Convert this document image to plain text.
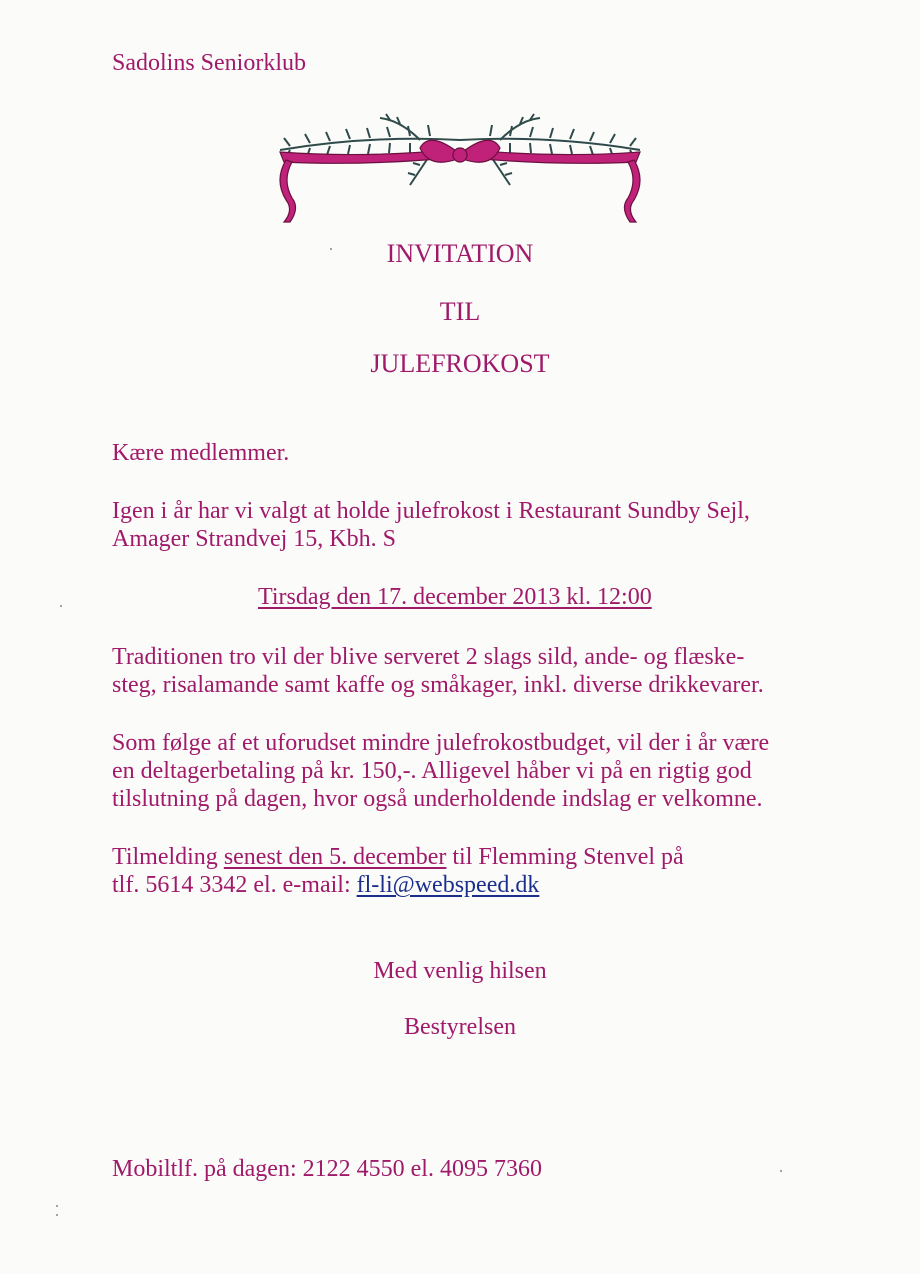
Sadolins Seniorklub
INVITATION
TIL
JULEFROKOST
Kære medlemmer.
Igen i år har vi valgt at holde julefrokost i Restaurant Sundby Sejl,
Amager Strandvej 15, Kbh. S
Tirsdag den 17. december 2013 kl. 12:00
Traditionen tro vil der blive serveret 2 slags sild, ande- og flæske-
steg, risalamande samt kaffe og småkager, inkl. diverse drikkevarer.
Som følge af et uforudset mindre julefrokostbudget, vil der i år være
en deltagerbetaling på kr. 150,-. Alligevel håber vi på en rigtig god
tilslutning på dagen, hvor også underholdende indslag er velkomne.
Tilmelding senest den 5. december til Flemming Stenvel på
tlf. 5614 3342 el. e-mail: fl-li@webspeed.dk
Med venlig hilsen
Bestyrelsen
Mobiltlf. på dagen: 2122 4550 el. 4095 7360
